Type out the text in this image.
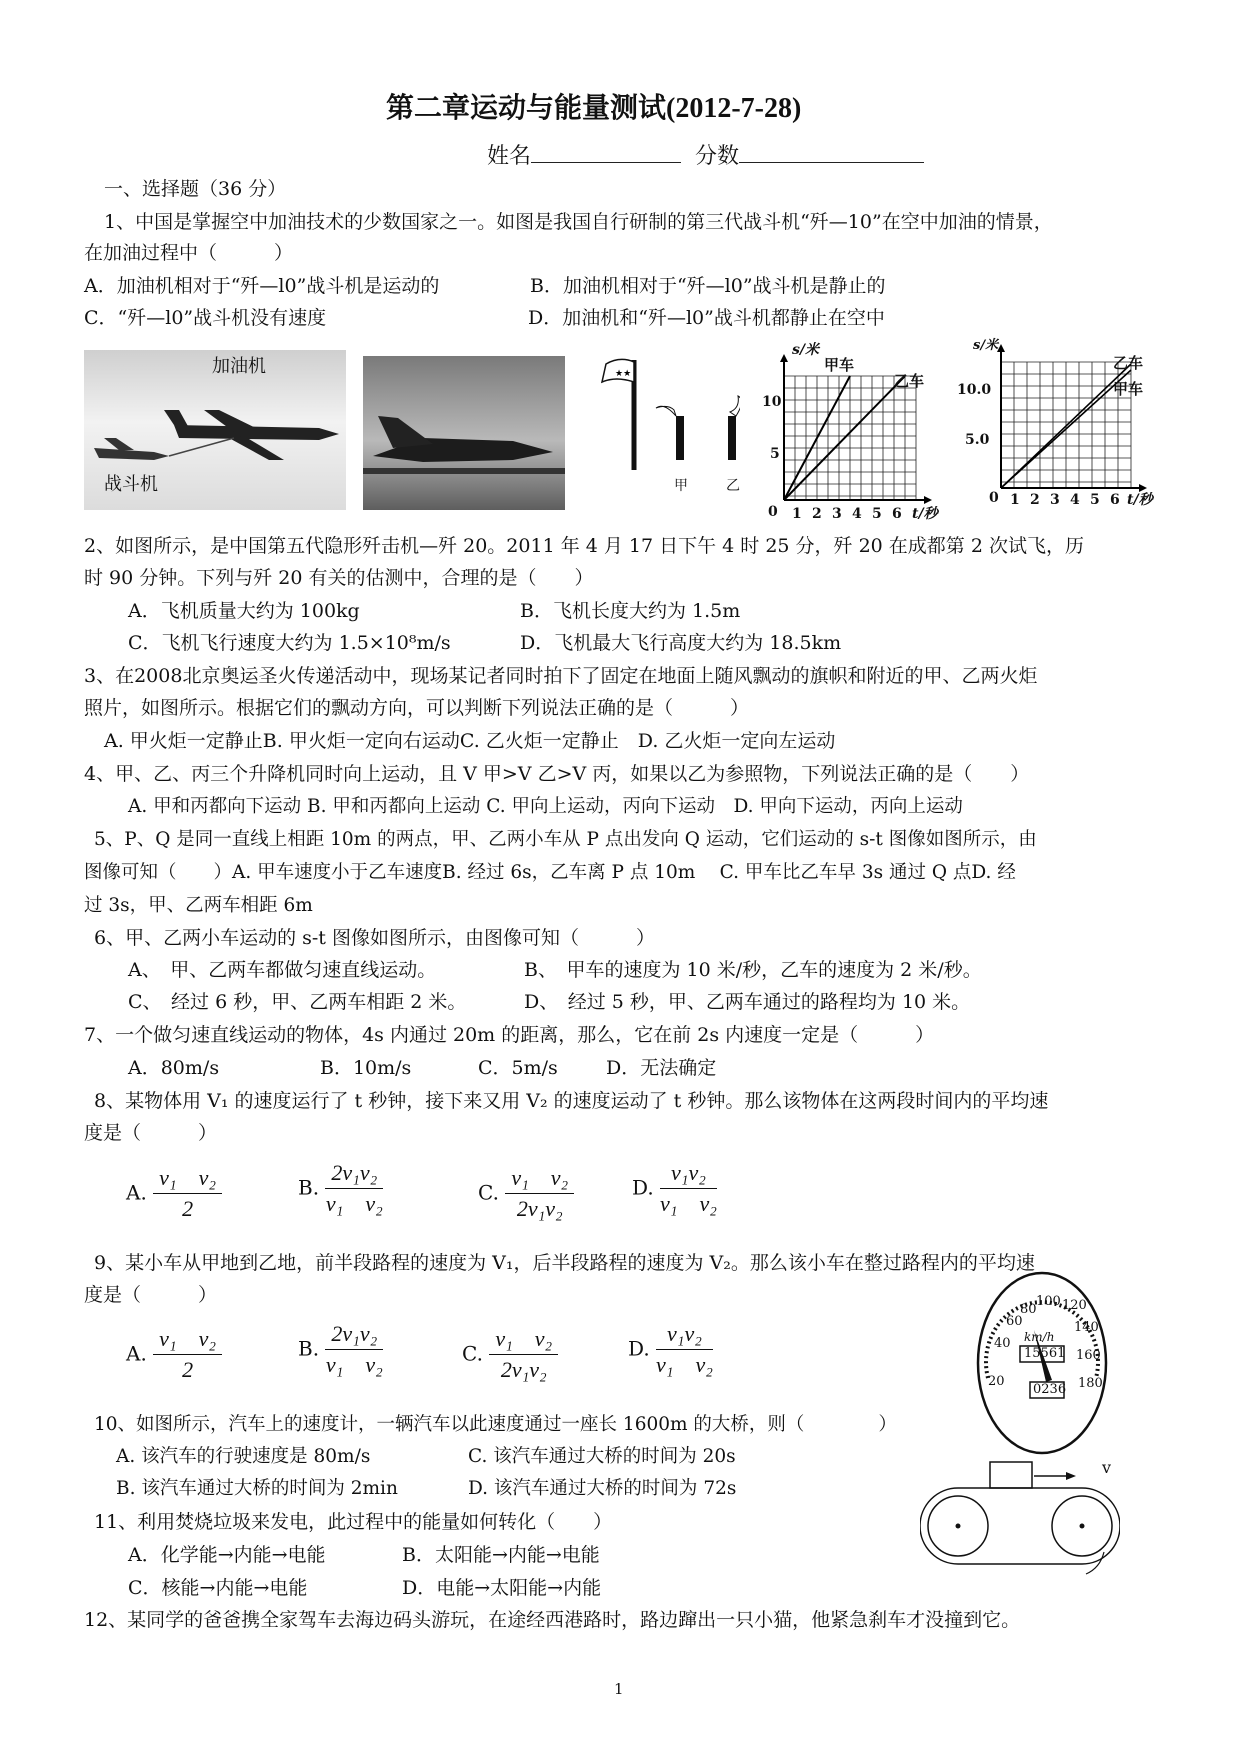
第二章运动与能量测试(2012-7-28)
姓名	分数
一、选择题（36 分）
1、中国是掌握空中加油技术的少数国家之一。如图是我国自行研制的第三代战斗机“歼—10”在空中加油的情景，
在加油过程中（　　　）
A．加油机相对于“歼—l0”战斗机是运动的	B．加油机相对于“歼—l0”战斗机是静止的
C．“歼—l0”战斗机没有速度	D．加油机和“歼—l0”战斗机都静止在空中
加油机
战斗机
★★
甲	乙
s/米
甲车
乙车
10
5
0 1 2 3 4 5 6 t/秒
s/米
乙车
甲车
10.0
5.0
0 1 2 3 4 5 6 t/秒
2、如图所示，是中国第五代隐形歼击机—歼 20。2011 年 4 月 17 日下午 4 时 25 分，歼 20 在成都第 2 次试飞，历
时 90 分钟。下列与歼 20 有关的估测中，合理的是（　　）
A．飞机质量大约为 100kg	B．飞机长度大约为 1.5m
C．飞机飞行速度大约为 1.5×10⁸m/s	D．飞机最大飞行高度大约为 18.5km
3、在2008北京奥运圣火传递活动中，现场某记者同时拍下了固定在地面上随风飘动的旗帜和附近的甲、乙两火炬
照片，如图所示。根据它们的飘动方向，可以判断下列说法正确的是（　　　）
A. 甲火炬一定静止B. 甲火炬一定向右运动C. 乙火炬一定静止　D. 乙火炬一定向左运动
4、甲、乙、丙三个升降机同时向上运动，且 V 甲>V 乙>V 丙，如果以乙为参照物，下列说法正确的是（　　）
A. 甲和丙都向下运动 B. 甲和丙都向上运动 C. 甲向上运动，丙向下运动　D. 甲向下运动，丙向上运动
5、P、Q 是同一直线上相距 10m 的两点，甲、乙两小车从 P 点出发向 Q 运动，它们运动的 s-t 图像如图所示，由
图像可知（　　）A. 甲车速度小于乙车速度B. 经过 6s，乙车离 P 点 10m　 C. 甲车比乙车早 3s 通过 Q 点D. 经
过 3s，甲、乙两车相距 6m
6、甲、乙两小车运动的 s-t 图像如图所示，由图像可知（　　　）
A、　甲、乙两车都做匀速直线运动。	B、　甲车的速度为 10 米/秒，乙车的速度为 2 米/秒。
C、　经过 6 秒，甲、乙两车相距 2 米。	D、　经过 5 秒，甲、乙两车通过的路程均为 10 米。
7、一个做匀速直线运动的物体，4s 内通过 20m 的距离，那么，它在前 2s 内速度一定是（　　　）
A．80m/s	B．10m/s	C．5m/s	D．无法确定
8、某物体用 V₁ 的速度运行了 t 秒钟，接下来又用 V₂ 的速度运动了 t 秒钟。那么该物体在这两段时间内的平均速
度是（　　　）
A. $\frac{\text{v₁　v₂}}{2}$	B. $\frac{\text{2v₁v₂}}{\text{v₁　v₂}}$	C. $\frac{\text{v₁　v₂}}{\text{2v₁v₂}}$	D. $\frac{\text{v₁v₂}}{\text{v₁　v₂}}$
9、某小车从甲地到乙地，前半段路程的速度为 V₁，后半段路程的速度为 V₂。那么该小车在整过路程内的平均速
度是（　　　）
A. $\frac{\text{v₁　v₂}}{2}$	B. $\frac{\text{2v₁v₂}}{\text{v₁　v₂}}$	C. $\frac{\text{v₁　v₂}}{\text{2v₁v₂}}$	D. $\frac{\text{v₁v₂}}{\text{v₁　v₂}}$
20
40
60
80
100 120
140
160
180
km/h
15561
0236
10、如图所示，汽车上的速度计，一辆汽车以此速度通过一座长 1600m 的大桥，则（　　　　）
A. 该汽车的行驶速度是 80m/s	C. 该汽车通过大桥的时间为 20s
B. 该汽车通过大桥的时间为 2min	D. 该汽车通过大桥的时间为 72s
v
11、利用焚烧垃圾来发电，此过程中的能量如何转化（　　）
A．化学能→内能→电能	B．太阳能→内能→电能
C．核能→内能→电能	D．电能→太阳能→内能
12、某同学的爸爸携全家驾车去海边码头游玩，在途经西港路时，路边蹿出一只小猫，他紧急刹车才没撞到它。
1
